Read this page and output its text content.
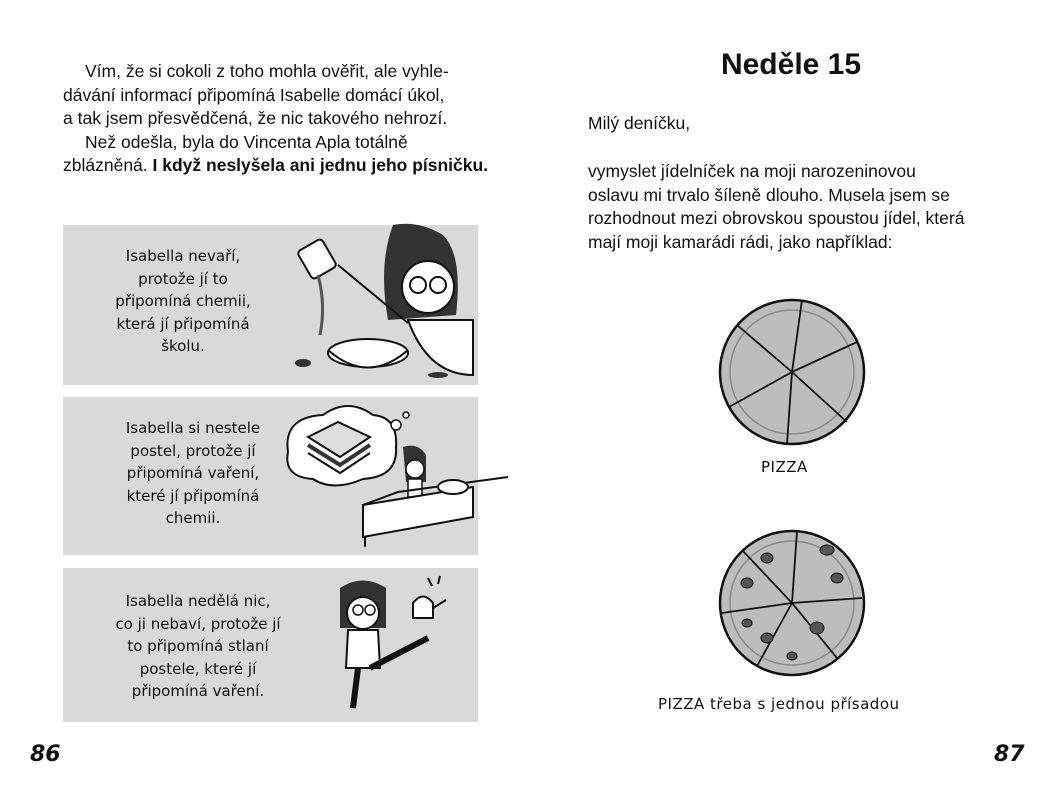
Vím, že si cokoli z toho mohla ověřit, ale vyhle-

dávání informací připomíná Isabelle domácí úkol,

a tak jsem přesvědčená, že nic takového nehrozí.

Než odešla, byla do Vincenta Apla totálně

zblázněná. I když neslyšela ani jednu jeho písničku.

Isabella nevaří,
protože jí to
připomíná chemii,
která jí připomíná
školu.
Isabella si nestele
postel, protože jí
připomíná vaření,
které jí připomíná
chemii.
Isabella nedělá nic,
co ji nebaví, protože jí
to připomíná stlaní
postele, které jí
připomíná vaření.
86
Neděle 15
Milý deníčku,

vymyslet jídelníček na moji narozeninovou

oslavu mi trvalo šíleně dlouho. Musela jsem se

rozhodnout mezi obrovskou spoustou jídel, která

mají moji kamarádi rádi, jako například:

PIZZA
PIZZA třeba s jednou přísadou
87
